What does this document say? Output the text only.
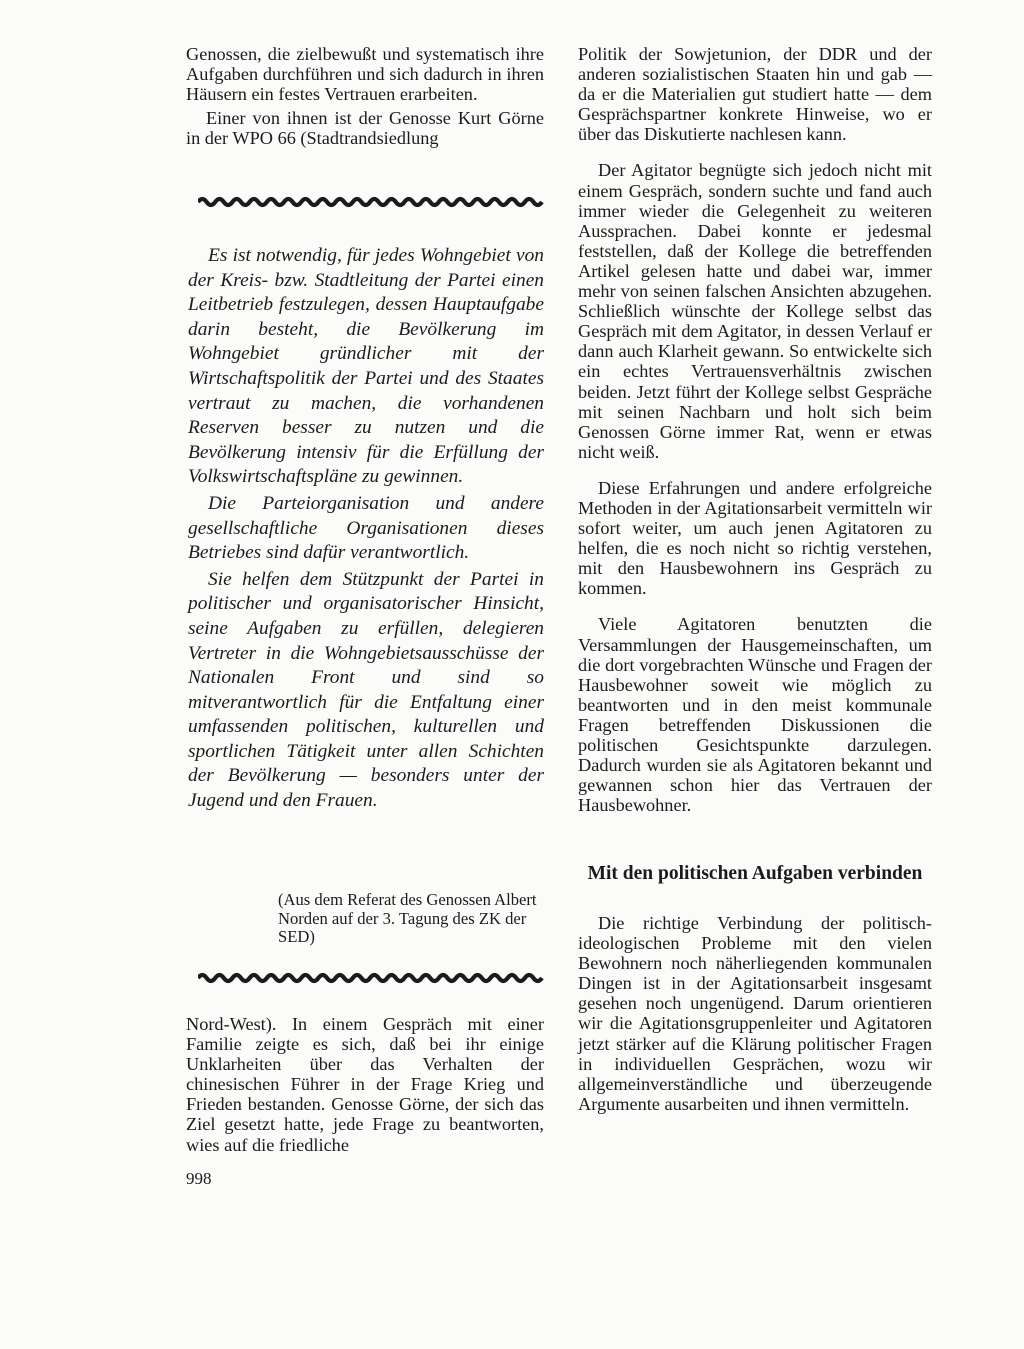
Genossen, die zielbewußt und systematisch ihre Aufgaben durchführen und sich dadurch in ihren Häusern ein festes Vertrauen erarbeiten.

Einer von ihnen ist der Genosse Kurt Görne in der WPO 66 (Stadtrandsiedlung

Es ist notwendig, für jedes Wohngebiet von der Kreis- bzw. Stadtleitung der Partei einen Leitbetrieb festzulegen, dessen Hauptaufgabe darin besteht, die Bevölkerung im Wohngebiet gründlicher mit der Wirtschaftspolitik der Partei und des Staates vertraut zu machen, die vorhandenen Reserven besser zu nutzen und die Bevölkerung intensiv für die Erfüllung der Volkswirtschaftspläne zu gewinnen.

Die Parteiorganisation und andere gesellschaftliche Organisationen dieses Betriebes sind dafür verantwortlich.

Sie helfen dem Stützpunkt der Partei in politischer und organisatorischer Hinsicht, seine Aufgaben zu erfüllen, delegieren Vertreter in die Wohngebietsausschüsse der Nationalen Front und sind so mitverantwortlich für die Entfaltung einer umfassenden politischen, kulturellen und sportlichen Tätigkeit unter allen Schichten der Bevölkerung — besonders unter der Jugend und den Frauen.

(Aus dem Referat des Genossen Albert Norden auf der 3. Tagung des ZK der SED)

Nord-West). In einem Gespräch mit einer Familie zeigte es sich, daß bei ihr einige Unklarheiten über das Verhalten der chinesischen Führer in der Frage Krieg und Frieden bestanden. Genosse Görne, der sich das Ziel gesetzt hatte, jede Frage zu beantworten, wies auf die friedliche

998

Politik der Sowjetunion, der DDR und der anderen sozialistischen Staaten hin und gab — da er die Materialien gut studiert hatte — dem Gesprächspartner konkrete Hinweise, wo er über das Diskutierte nachlesen kann.

Der Agitator begnügte sich jedoch nicht mit einem Gespräch, sondern suchte und fand auch immer wieder die Gelegenheit zu weiteren Aussprachen. Dabei konnte er jedesmal feststellen, daß der Kollege die betreffenden Artikel gelesen hatte und dabei war, immer mehr von seinen falschen Ansichten abzugehen. Schließlich wünschte der Kollege selbst das Gespräch mit dem Agitator, in dessen Verlauf er dann auch Klarheit gewann. So entwickelte sich ein echtes Vertrauensverhältnis zwischen beiden. Jetzt führt der Kollege selbst Gespräche mit seinen Nachbarn und holt sich beim Genossen Görne immer Rat, wenn er etwas nicht weiß.

Diese Erfahrungen und andere erfolgreiche Methoden in der Agitationsarbeit vermitteln wir sofort weiter, um auch jenen Agitatoren zu helfen, die es noch nicht so richtig verstehen, mit den Hausbewohnern ins Gespräch zu kommen.

Viele Agitatoren benutzten die Versammlungen der Hausgemeinschaften, um die dort vorgebrachten Wünsche und Fragen der Hausbewohner soweit wie möglich zu beantworten und in den meist kommunale Fragen betreffenden Diskussionen die politischen Gesichtspunkte darzulegen. Dadurch wurden sie als Agitatoren bekannt und gewannen schon hier das Vertrauen der Hausbewohner.

Mit den politischen Aufgaben verbinden

Die richtige Verbindung der politisch-ideologischen Probleme mit den vielen Bewohnern noch näherliegenden kommunalen Dingen ist in der Agitationsarbeit insgesamt gesehen noch ungenügend. Darum orientieren wir die Agitationsgruppenleiter und Agitatoren jetzt stärker auf die Klärung politischer Fragen in individuellen Gesprächen, wozu wir allgemeinverständliche und überzeugende Argumente ausarbeiten und ihnen vermitteln.
